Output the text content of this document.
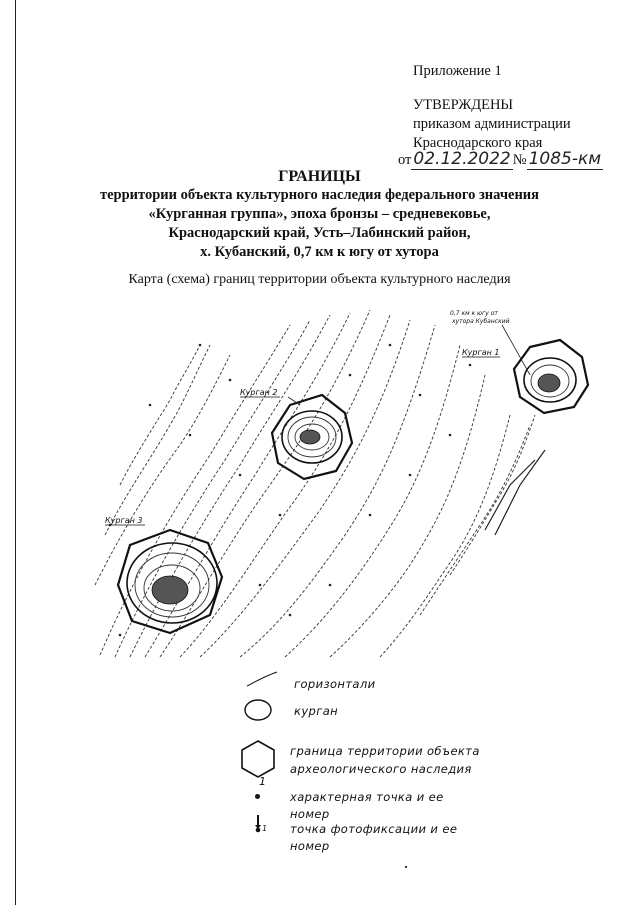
Приложение 1
УТВЕРЖДЕНЫ
приказом администрации
Краснодарского края
от 02.12.2022 № 1085-км
ГРАНИЦЫ
территории объекта культурного наследия федерального значения
«Курганная группа», эпоха бронзы – средневековье,
Краснодарский край, Усть–Лабинский район,
х. Кубанский, 0,7 км к югу от хутора
Карта (схема) границ территории объекта культурного наследия
Курган 1
Курган 2
Курган 3
0,7 км к югу от
хутора Кубанский
горизонтали
курган
граница территории объекта
археологического наследия
1
характерная точка и ее
номер
1 точка фотофиксации и ее
номер
